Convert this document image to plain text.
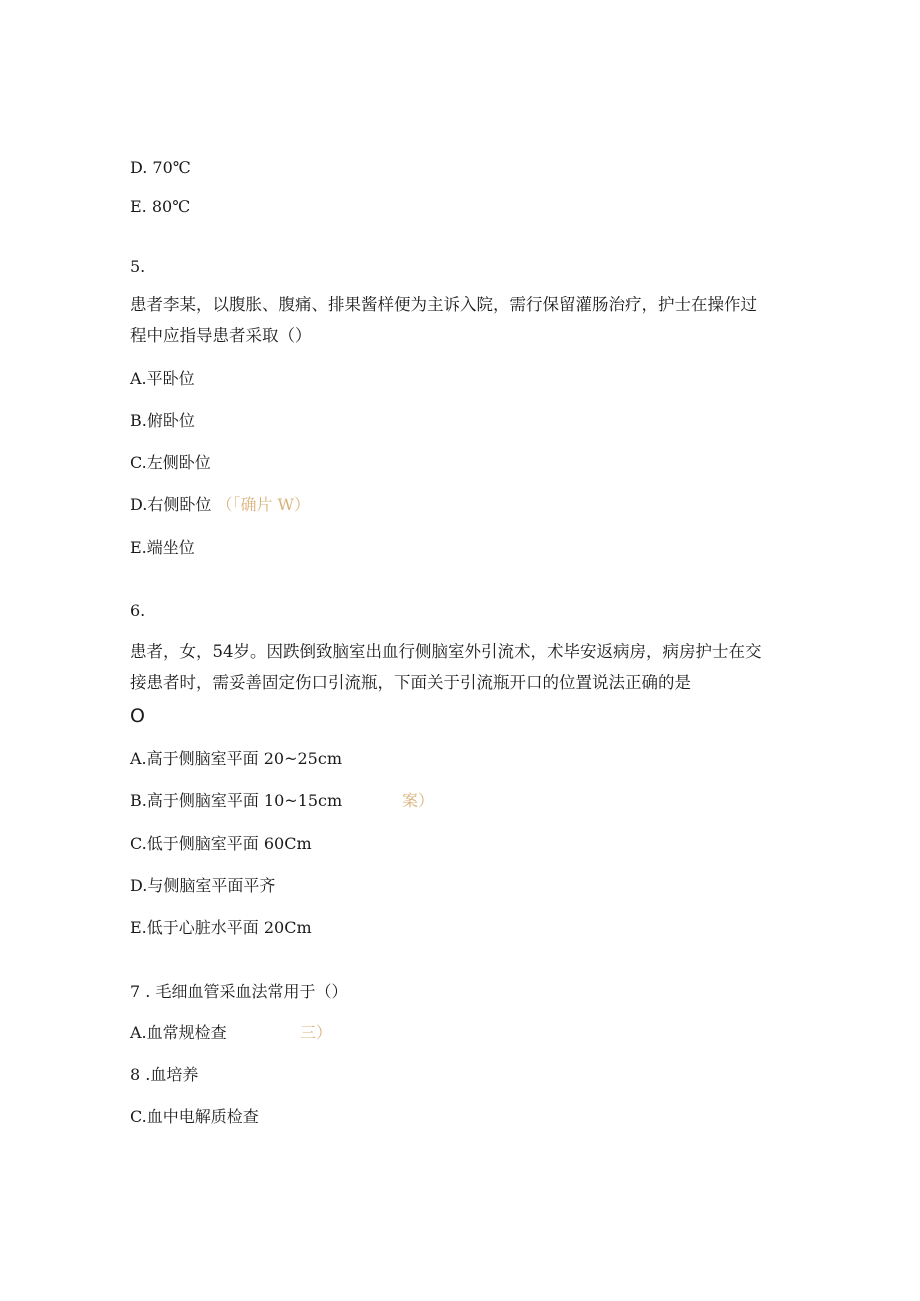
D. 70℃
E. 80℃
5.
患者李某，以腹胀、腹痛、排果酱样便为主诉入院，需行保留灌肠治疗，护士在操作过
程中应指导患者采取（）
A.平卧位
B.俯卧位
C.左侧卧位
D.右侧卧位 （「确片 W）
E.端坐位
6.
患者，女，54岁。因跌倒致脑室出血行侧脑室外引流术，术毕安返病房，病房护士在交
接患者时，需妥善固定伤口引流瓶，下面关于引流瓶开口的位置说法正确的是
O
A.高于侧脑室平面 20~25cm
B.高于侧脑室平面 10~15cm	案）
C.低于侧脑室平面 60Cm
D.与侧脑室平面平齐
E.低于心脏水平面 20Cm
7 . 毛细血管采血法常用于（）
A.血常规检查	三）
8 .血培养
C.血中电解质检查
